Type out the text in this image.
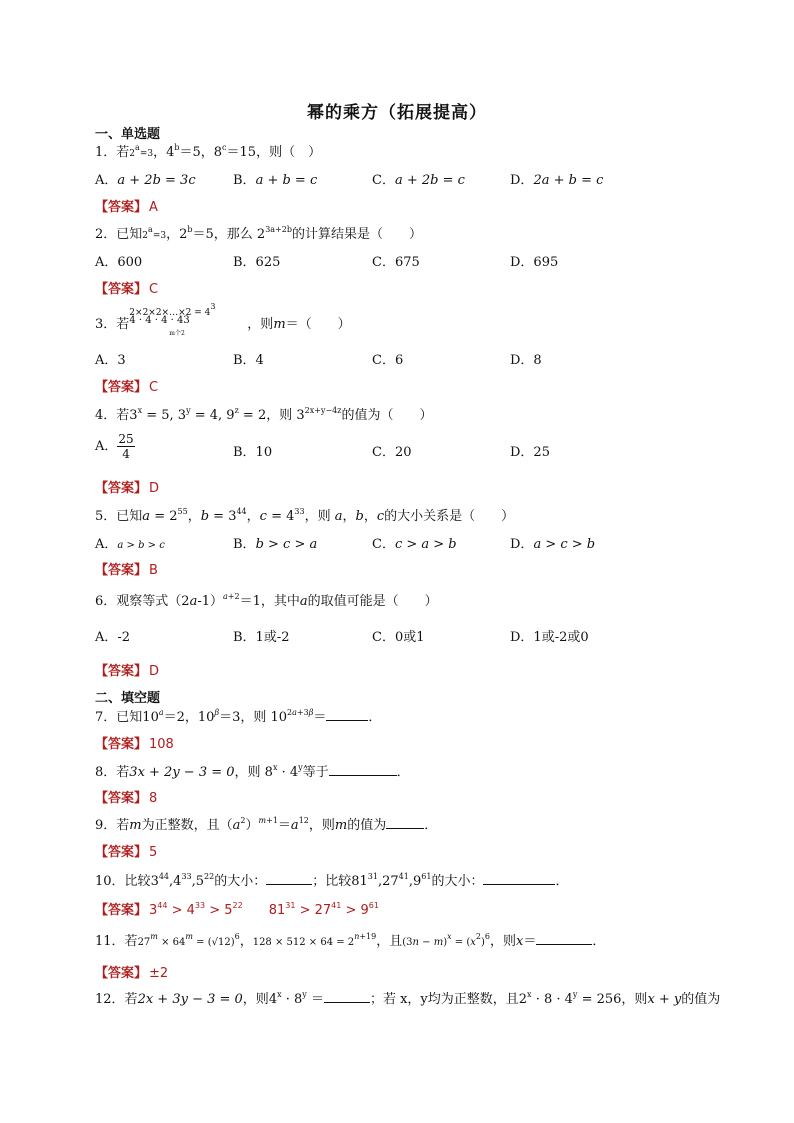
幂的乘方（拓展提高）
一、单选题
1．若$2^a=3$，$4^b=5$，$8^c=15$，则（　）
A．a + 2b = 3c	B．a + b = c	C．a + 2b = c	D．2a + b = c
【答案】 A
2．已知$2^a=3$，$2^b=5$，那么 $2^{3a+2b}$的计算结果是（　　）
A．600	B．625	C．675	D．695
【答案】 C
3．若
2×2×2×…×2 = $4^3$
4 · 4 · 4 · 43
m个2
，则m＝（　　）
A．3	B．4	C．6	D．8
【答案】 C
4．若$3^x = 5$, $3^y = 4$, $9^z = 2$，则 $3^{2x+y-4z}$的值为（　　）
A． $\frac{25}{4}$	B．10	C．20	D．25
【答案】 D
5．已知$a = 2^{55}$，$b = 3^{44}$，$c = 4^{33}$，则 a，b，c的大小关系是（　　）
A．a > b > c	B．b > c > a	C．c > a > b	D．a > c > b
【答案】 B
6．观察等式$(2a-1)^{a+2}=1$，其中a的取值可能是（　　）
A．-2	B．1或-2	C．0或1	D．1或-2或0
【答案】 D
二、填空题
7．已知$10^a=2$，$10^\beta=3$，则 $10^{2a+3\beta}=$	．
【答案】 108
8．若3x + 2y − 3 = 0，则 $8^x \cdot 4^y$等于	．
【答案】 8
9．若m为正整数，且$(a^2)^{m+1}=a^{12}$，则m的值为	．
【答案】 5
10．比较$3^{44},4^{33},5^{22}$的大小：	；比较$81^{31},27^{41},9^{61}$的大小：	．
【答案】 $3^{44} > 4^{33} > 5^{22}$　　$81^{31} > 27^{41} > 9^{61}$
11．若$27^m \times 64^m = (√12)^6$，$128 \times 512 \times 64 = 2^{n+19}$，且$(3n - m)^x = (x^2)^6$，则x＝	．
【答案】 ±2
12．若2x + 3y − 3 = 0，则$4^x \cdot 8^y$ ＝	；若 x，y均为正整数，且$2^x \cdot 8 \cdot 4^y = 256$，则x + y的值为
